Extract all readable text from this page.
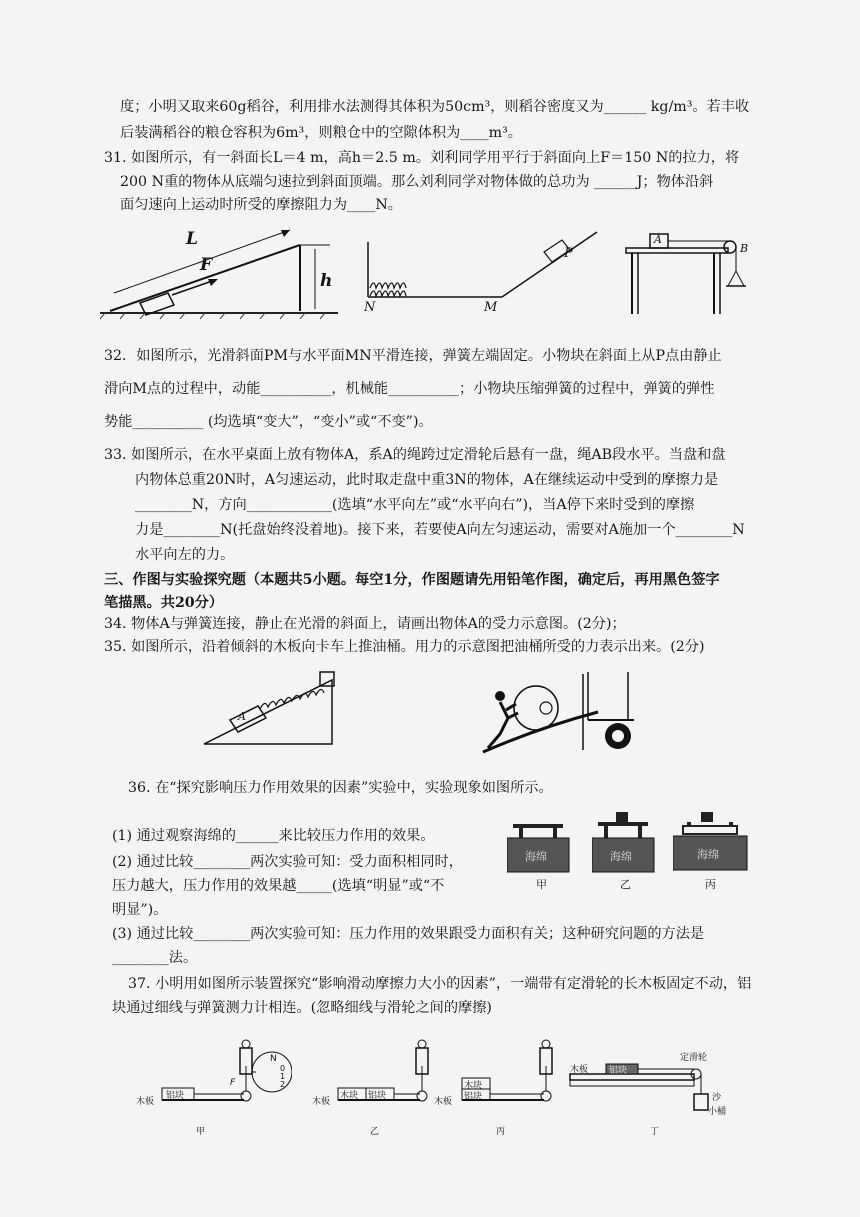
度；小明又取来60g稻谷，利用排水法测得其体积为50cm³，则稻谷密度又为______ kg/m³。若丰收
后装满稻谷的粮仓容积为6m³，则粮仓中的空隙体积为____m³。
31. 如图所示，有一斜面长L＝4 m，高h＝2.5 m。刘利同学用平行于斜面向上F＝150 N的拉力，将
200 N重的物体从底端匀速拉到斜面顶端。那么刘利同学对物体做的总功为 ______J；物体沿斜
面匀速向上运动时所受的摩擦阻力为____N。
L
F
h
N	M
P
A
B
32．如图所示，光滑斜面PM与水平面MN平滑连接，弹簧左端固定。小物块在斜面上从P点由静止
滑向M点的过程中，动能__________，机械能__________；小物块压缩弹簧的过程中，弹簧的弹性
势能__________ (均选填“变大”，“变小”或“不变”)。
33. 如图所示，在水平桌面上放有物体A，系A的绳跨过定滑轮后悬有一盘，绳AB段水平。当盘和盘
内物体总重20N时，A匀速运动，此时取走盘中重3N的物体，A在继续运动中受到的摩擦力是
________N，方向____________(选填“水平向左”或“水平向右”)，当A停下来时受到的摩擦
力是________N(托盘始终没着地)。接下来，若要使A向左匀速运动，需要对A施加一个________N
水平向左的力。
三、作图与实验探究题（本题共5小题。每空1分，作图题请先用铅笔作图，确定后，再用黑色签字
笔描黑。共20分）
34. 物体A与弹簧连接，静止在光滑的斜面上，请画出物体A的受力示意图。(2分)；
35. 如图所示，沿着倾斜的木板向卡车上推油桶。用力的示意图把油桶所受的力表示出来。(2分)
A
36. 在“探究影响压力作用效果的因素”实验中，实验现象如图所示。
(1) 通过观察海绵的______来比较压力作用的效果。
(2) 通过比较________两次实验可知：受力面积相同时，
压力越大，压力作用的效果越_____(选填“明显”或“不
明显”)。
海绵	海绵	海绵
甲	乙	丙
(3) 通过比较________两次实验可知：压力作用的效果跟受力面积有关；这种研究问题的方法是
________法。
37. 小明用如图所示装置探究“影响滑动摩擦力大小的因素”，一端带有定滑轮的长木板固定不动，铝
块通过细线与弹簧测力计相连。(忽略细线与滑轮之间的摩擦)
木板
铝块
F
N
0
1
2
木板
木块 铝块
木板
木块
铝块
木板 铝块
定滑轮
沙
小桶
甲	乙	丙	丁
